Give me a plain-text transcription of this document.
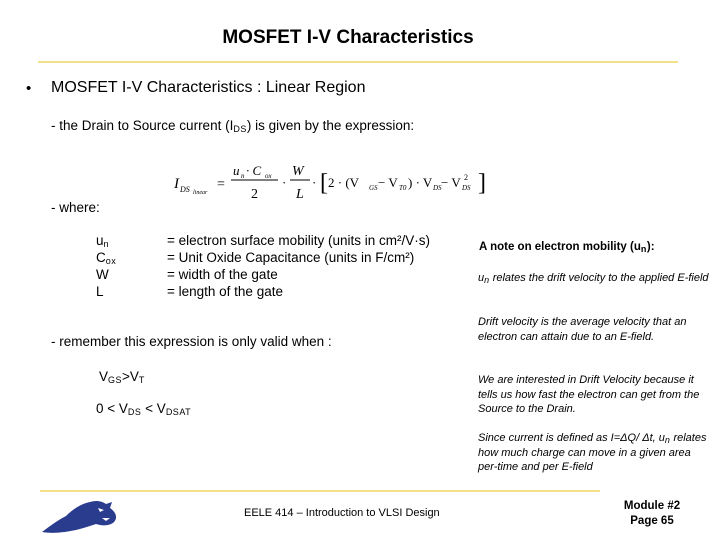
MOSFET I-V Characteristics
• MOSFET I-V Characteristics : Linear Region
- the Drain to Source current (IDS) is given by the expression:
I DS linear
=
u n · C ox
2
·
W
L
· [ 2 · (V GS − V T0 ) · V DS − V DS
2 ]
- where:
un
Cox
W
L
= electron surface mobility (units in cm²/V·s)
= Unit Oxide Capacitance (units in F/cm²)
= width of the gate
= length of the gate
- remember this expression is only valid when :
VGS>VT
0 < VDS < VDSAT
A note on electron mobility (un):
un relates the drift velocity to the applied E-field
Drift velocity is the average velocity that an electron can attain due to an E-field.
We are interested in Drift Velocity because it tells us how fast the electron can get from the Source to the Drain.
Since current is defined as I=ΔQ/ Δt, un relates how much charge can move in a given area per-time and per E-field
EELE 414 – Introduction to VLSI Design
Module #2
Page 65
